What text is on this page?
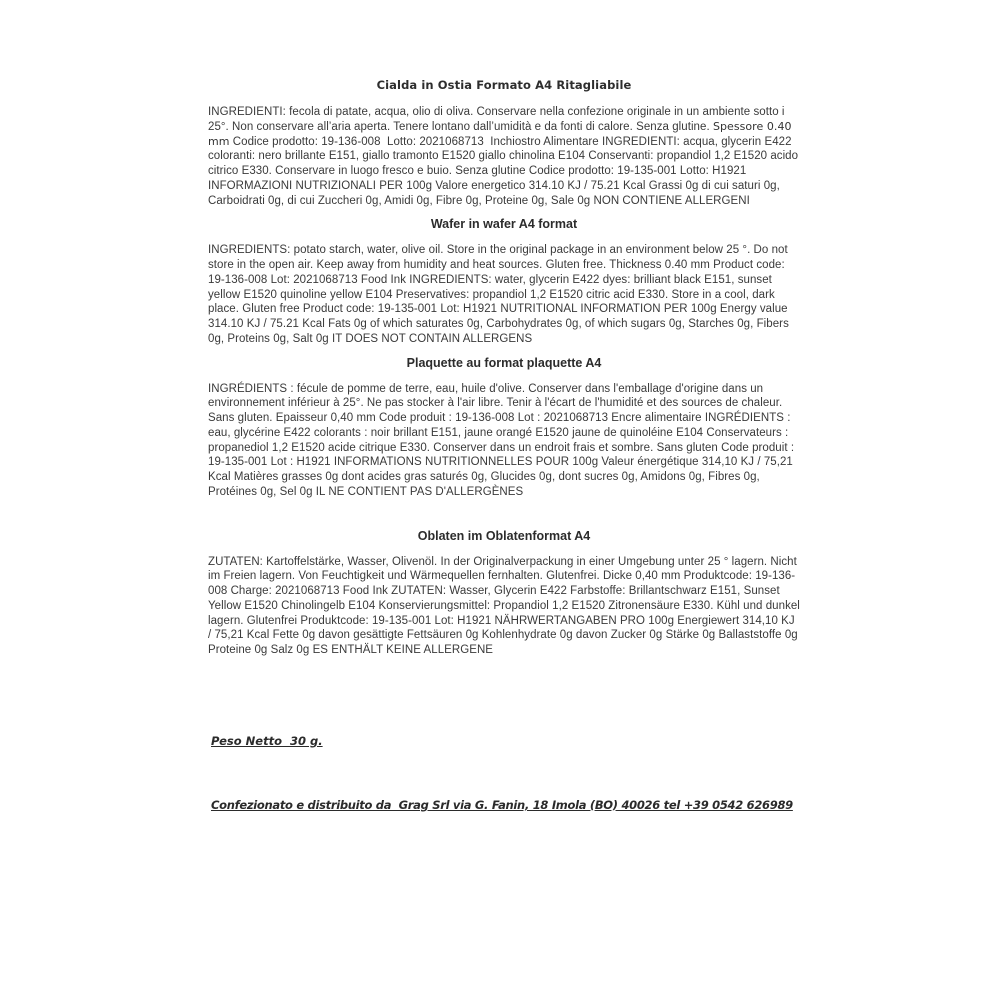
Cialda in Ostia Formato A4 Ritagliabile

INGREDIENTI: fecola di patate, acqua, olio di oliva. Conservare nella confezione originale in un ambiente sotto i 25°. Non conservare all’aria aperta. Tenere lontano dall’umidità e da fonti di calore. Senza glutine. Spessore 0.40 mm Codice prodotto: 19-136-008  Lotto: 2021068713  Inchiostro Alimentare INGREDIENTI: acqua, glycerin E422 coloranti: nero brillante E151, giallo tramonto E1520 giallo chinolina E104 Conservanti: propandiol 1,2 E1520 acido citrico E330. Conservare in luogo fresco e buio. Senza glutine Codice prodotto: 19-135-001 Lotto: H1921 INFORMAZIONI NUTRIZIONALI PER 100g Valore energetico 314.10 KJ / 75.21 Kcal Grassi 0g di cui saturi 0g, Carboidrati 0g, di cui Zuccheri 0g, Amidi 0g, Fibre 0g, Proteine 0g, Sale 0g NON CONTIENE ALLERGENI

Wafer in wafer A4 format

INGREDIENTS: potato starch, water, olive oil. Store in the original package in an environment below 25 °. Do not store in the open air. Keep away from humidity and heat sources. Gluten free. Thickness 0.40 mm Product code: 19-136-008 Lot: 2021068713 Food Ink INGREDIENTS: water, glycerin E422 dyes: brilliant black E151, sunset yellow E1520 quinoline yellow E104 Preservatives: propandiol 1,2 E1520 citric acid E330. Store in a cool, dark place. Gluten free Product code: 19-135-001 Lot: H1921 NUTRITIONAL INFORMATION PER 100g Energy value 314.10 KJ / 75.21 Kcal Fats 0g of which saturates 0g, Carbohydrates 0g, of which sugars 0g, Starches 0g, Fibers 0g, Proteins 0g, Salt 0g IT DOES NOT CONTAIN ALLERGENS

Plaquette au format plaquette A4

INGRÉDIENTS : fécule de pomme de terre, eau, huile d'olive. Conserver dans l'emballage d'origine dans un environnement inférieur à 25°. Ne pas stocker à l'air libre. Tenir à l'écart de l'humidité et des sources de chaleur. Sans gluten. Epaisseur 0,40 mm Code produit : 19-136-008 Lot : 2021068713 Encre alimentaire INGRÉDIENTS : eau, glycérine E422 colorants : noir brillant E151, jaune orangé E1520 jaune de quinoléine E104 Conservateurs : propanediol 1,2 E1520 acide citrique E330. Conserver dans un endroit frais et sombre. Sans gluten Code produit : 19-135-001 Lot : H1921 INFORMATIONS NUTRITIONNELLES POUR 100g Valeur énergétique 314,10 KJ / 75,21 Kcal Matières grasses 0g dont acides gras saturés 0g, Glucides 0g, dont sucres 0g, Amidons 0g, Fibres 0g, Protéines 0g, Sel 0g IL NE CONTIENT PAS D'ALLERGÈNES

Oblaten im Oblatenformat A4

ZUTATEN: Kartoffelstärke, Wasser, Olivenöl. In der Originalverpackung in einer Umgebung unter 25 ° lagern. Nicht im Freien lagern. Von Feuchtigkeit und Wärmequellen fernhalten. Glutenfrei. Dicke 0,40 mm Produktcode: 19-136-008 Charge: 2021068713 Food Ink ZUTATEN: Wasser, Glycerin E422 Farbstoffe: Brillantschwarz E151, Sunset Yellow E1520 Chinolingelb E104 Konservierungsmittel: Propandiol 1,2 E1520 Zitronensäure E330. Kühl und dunkel lagern. Glutenfrei Produktcode: 19-135-001 Lot: H1921 NÄHRWERTANGABEN PRO 100g Energiewert 314,10 KJ / 75,21 Kcal Fette 0g davon gesättigte Fettsäuren 0g Kohlenhydrate 0g davon Zucker 0g Stärke 0g Ballaststoffe 0g Proteine 0g Salz 0g ES ENTHÄLT KEINE ALLERGENE

Peso Netto  30 g.

Confezionato e distribuito da  Grag Srl via G. Fanin, 18 Imola (BO) 40026 tel +39 0542 626989
